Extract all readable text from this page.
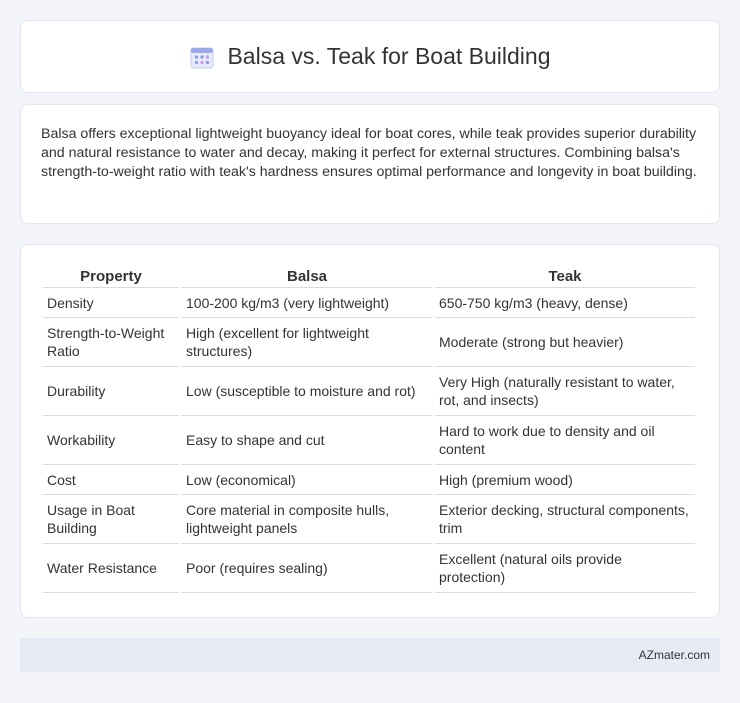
Balsa vs. Teak for Boat Building

Balsa offers exceptional lightweight buoyancy ideal for boat cores, while teak provides superior durability and natural resistance to water and decay, making it perfect for external structures. Combining balsa's strength-to-weight ratio with teak's hardness ensures optimal performance and longevity in boat building.

Property	Balsa	Teak
Density	100-200 kg/m3 (very lightweight)	650-750 kg/m3 (heavy, dense)
Strength-to-Weight Ratio	High (excellent for lightweight structures)	Moderate (strong but heavier)
Durability	Low (susceptible to moisture and rot)	Very High (naturally resistant to water, rot, and insects)
Workability	Easy to shape and cut	Hard to work due to density and oil content
Cost	Low (economical)	High (premium wood)
Usage in Boat Building	Core material in composite hulls, lightweight panels	Exterior decking, structural components, trim
Water Resistance	Poor (requires sealing)	Excellent (natural oils provide protection)
AZmater.com
